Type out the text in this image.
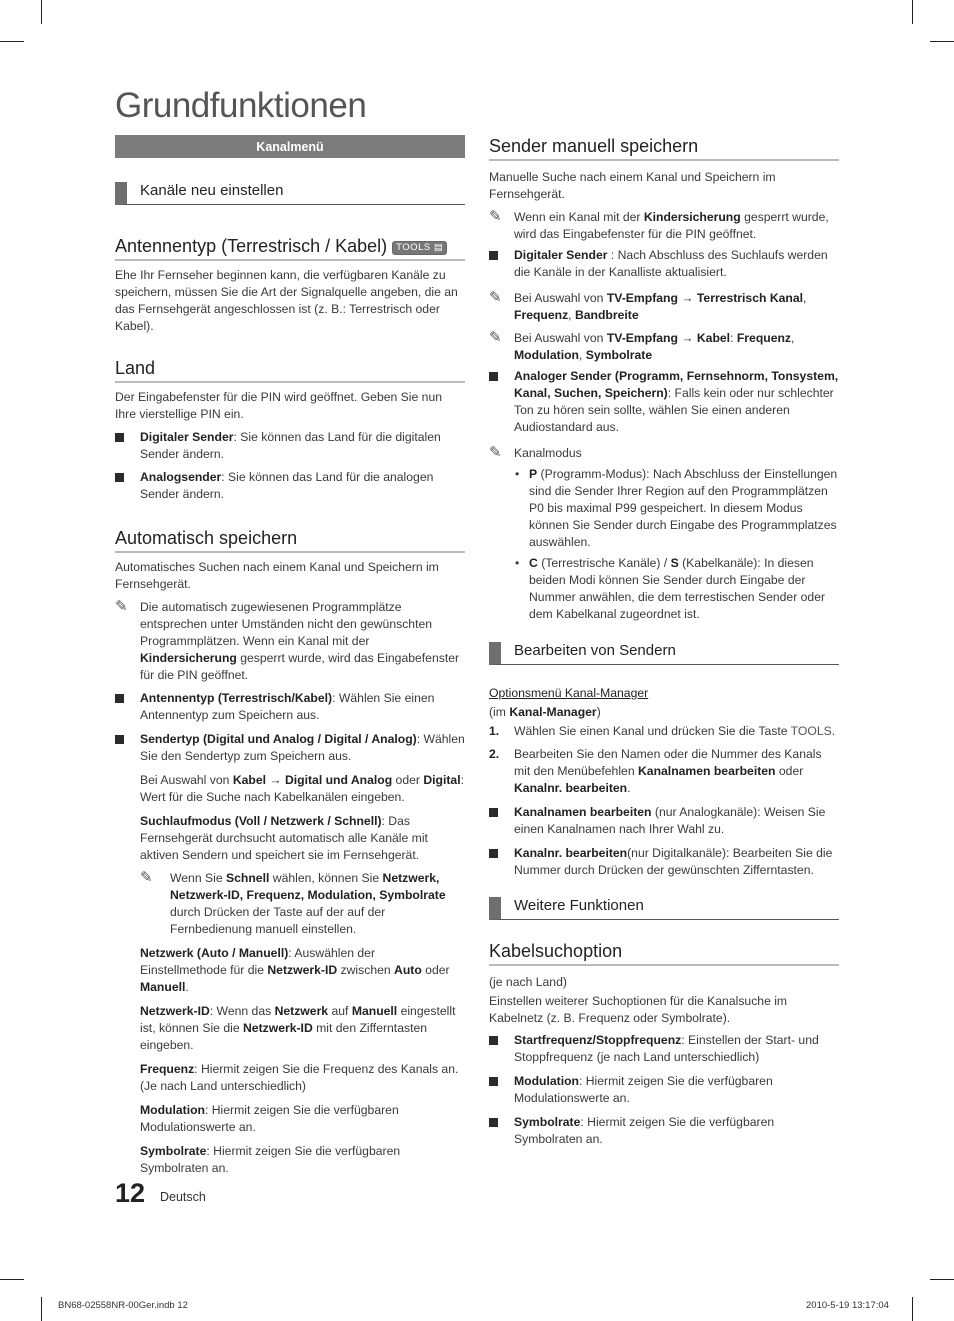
Grundfunktionen
Kanalmenü
Kanäle neu einstellen
Antennentyp (Terrestrisch / Kabel) TOOLS ▤
Ehe Ihr Fernseher beginnen kann, die verfügbaren Kanäle zu speichern, müssen Sie die Art der Signalquelle angeben, die an das Fernsehgerät angeschlossen ist (z. B.: Terrestrisch oder Kabel).
Land
Der Eingabefenster für die PIN wird geöffnet. Geben Sie nun Ihre vierstellige PIN ein.
Digitaler Sender: Sie können das Land für die digitalen Sender ändern.
Analogsender: Sie können das Land für die analogen Sender ändern.
Automatisch speichern
Automatisches Suchen nach einem Kanal und Speichern im Fernsehgerät.
✎ Die automatisch zugewiesenen Programmplätze entsprechen unter Umständen nicht den gewünschten Programmplätzen. Wenn ein Kanal mit der Kindersicherung gesperrt wurde, wird das Eingabefenster für die PIN geöffnet.
Antennentyp (Terrestrisch/Kabel): Wählen Sie einen Antennentyp zum Speichern aus.
Sendertyp (Digital und Analog / Digital / Analog): Wählen Sie den Sendertyp zum Speichern aus.
Bei Auswahl von Kabel → Digital und Analog oder Digital: Wert für die Suche nach Kabelkanälen eingeben.
Suchlaufmodus (Voll / Netzwerk / Schnell): Das Fernsehgerät durchsucht automatisch alle Kanäle mit aktiven Sendern und speichert sie im Fernsehgerät.
✎ Wenn Sie Schnell wählen, können Sie Netzwerk, Netzwerk-ID, Frequenz, Modulation, Symbolrate durch Drücken der Taste auf der auf der Fernbedienung manuell einstellen.
Netzwerk (Auto / Manuell): Auswählen der Einstellmethode für die Netzwerk-ID zwischen Auto oder Manuell.
Netzwerk-ID: Wenn das Netzwerk auf Manuell eingestellt ist, können Sie die Netzwerk-ID mit den Zifferntasten eingeben.
Frequenz: Hiermit zeigen Sie die Frequenz des Kanals an. (Je nach Land unterschiedlich)
Modulation: Hiermit zeigen Sie die verfügbaren Modulationswerte an.
Symbolrate: Hiermit zeigen Sie die verfügbaren Symbolraten an.
Sender manuell speichern
Manuelle Suche nach einem Kanal und Speichern im Fernsehgerät.
✎ Wenn ein Kanal mit der Kindersicherung gesperrt wurde, wird das Eingabefenster für die PIN geöffnet.
Digitaler Sender : Nach Abschluss des Suchlaufs werden die Kanäle in der Kanalliste aktualisiert.
✎ Bei Auswahl von TV-Empfang → Terrestrisch Kanal, Frequenz, Bandbreite
✎ Bei Auswahl von TV-Empfang → Kabel: Frequenz, Modulation, Symbolrate
Analoger Sender (Programm, Fernsehnorm, Tonsystem, Kanal, Suchen, Speichern): Falls kein oder nur schlechter Ton zu hören sein sollte, wählen Sie einen anderen Audiostandard aus.
✎ Kanalmodus
• P (Programm-Modus): Nach Abschluss der Einstellungen sind die Sender Ihrer Region auf den Programmplätzen P0 bis maximal P99 gespeichert. In diesem Modus können Sie Sender durch Eingabe des Programmplatzes auswählen.
• C (Terrestrische Kanäle) / S (Kabelkanäle): In diesen beiden Modi können Sie Sender durch Eingabe der Nummer anwählen, die dem terrestischen Sender oder dem Kabelkanal zugeordnet ist.
Bearbeiten von Sendern
Optionsmenü Kanal-Manager
(im Kanal-Manager)
1. Wählen Sie einen Kanal und drücken Sie die Taste TOOLS.
2. Bearbeiten Sie den Namen oder die Nummer des Kanals mit den Menübefehlen Kanalnamen bearbeiten oder Kanalnr. bearbeiten.
Kanalnamen bearbeiten (nur Analogkanäle): Weisen Sie einen Kanalnamen nach Ihrer Wahl zu.
Kanalnr. bearbeiten(nur Digitalkanäle): Bearbeiten Sie die Nummer durch Drücken der gewünschten Zifferntasten.
Weitere Funktionen
Kabelsuchoption
(je nach Land)
Einstellen weiterer Suchoptionen für die Kanalsuche im Kabelnetz (z. B. Frequenz oder Symbolrate).
Startfrequenz/Stoppfrequenz: Einstellen der Start- und Stoppfrequenz (je nach Land unterschiedlich)
Modulation: Hiermit zeigen Sie die verfügbaren Modulationswerte an.
Symbolrate: Hiermit zeigen Sie die verfügbaren Symbolraten an.
12 Deutsch
BN68-02558NR-00Ger.indb 12	2010-5-19 13:17:04
